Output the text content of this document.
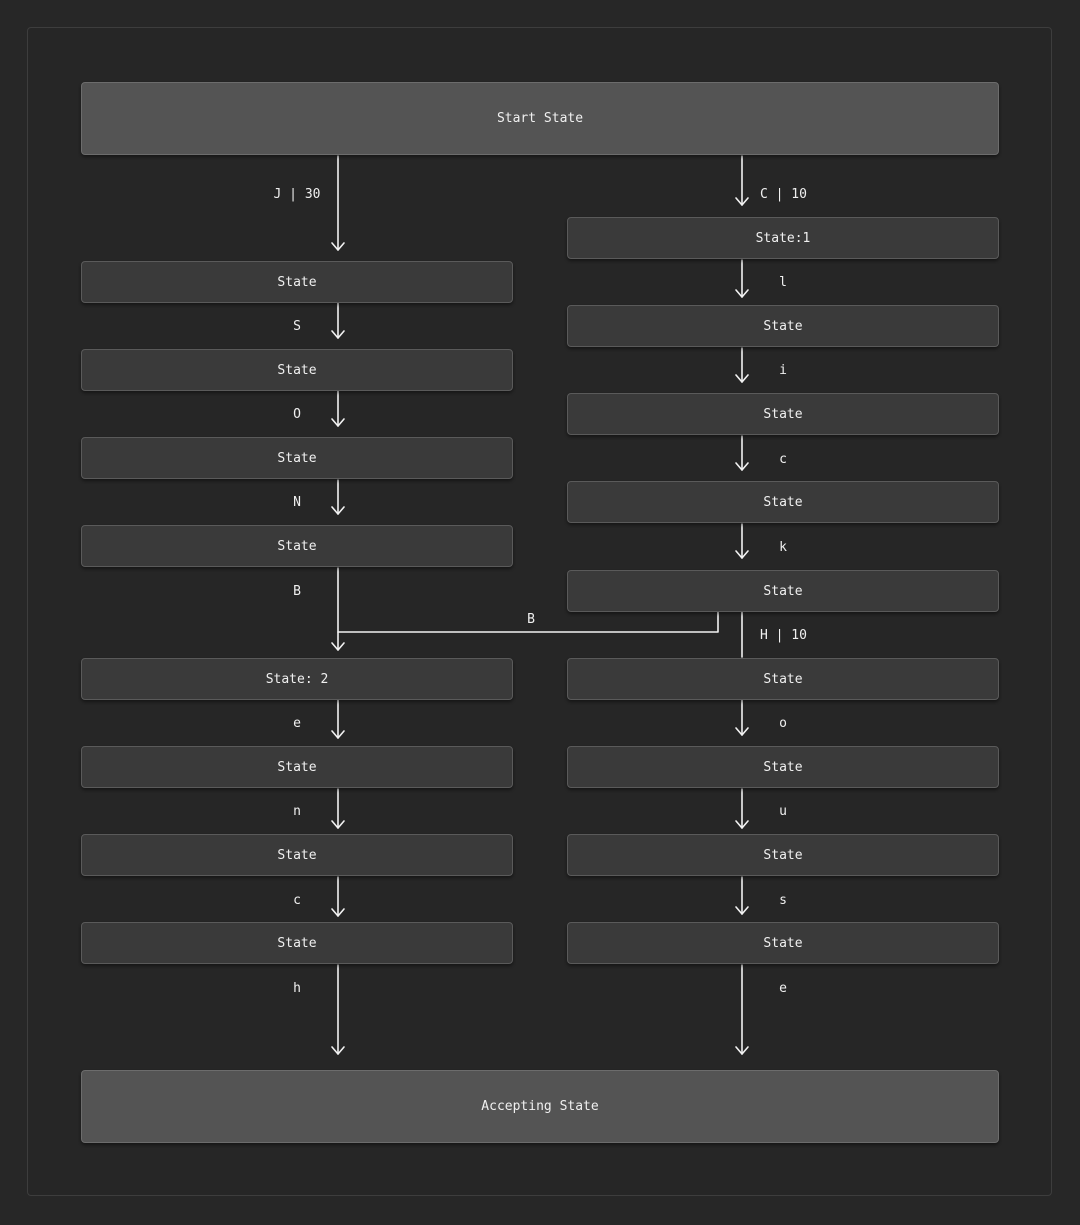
Start State
Accepting State
State
State
State
State
State: 2
State
State
State
State:1
State
State
State
State
State
State
State
State
J | 30
S
O
N
B
e
n
c
h
B
C | 10
l
i
c
k
H | 10
o
u
s
e
